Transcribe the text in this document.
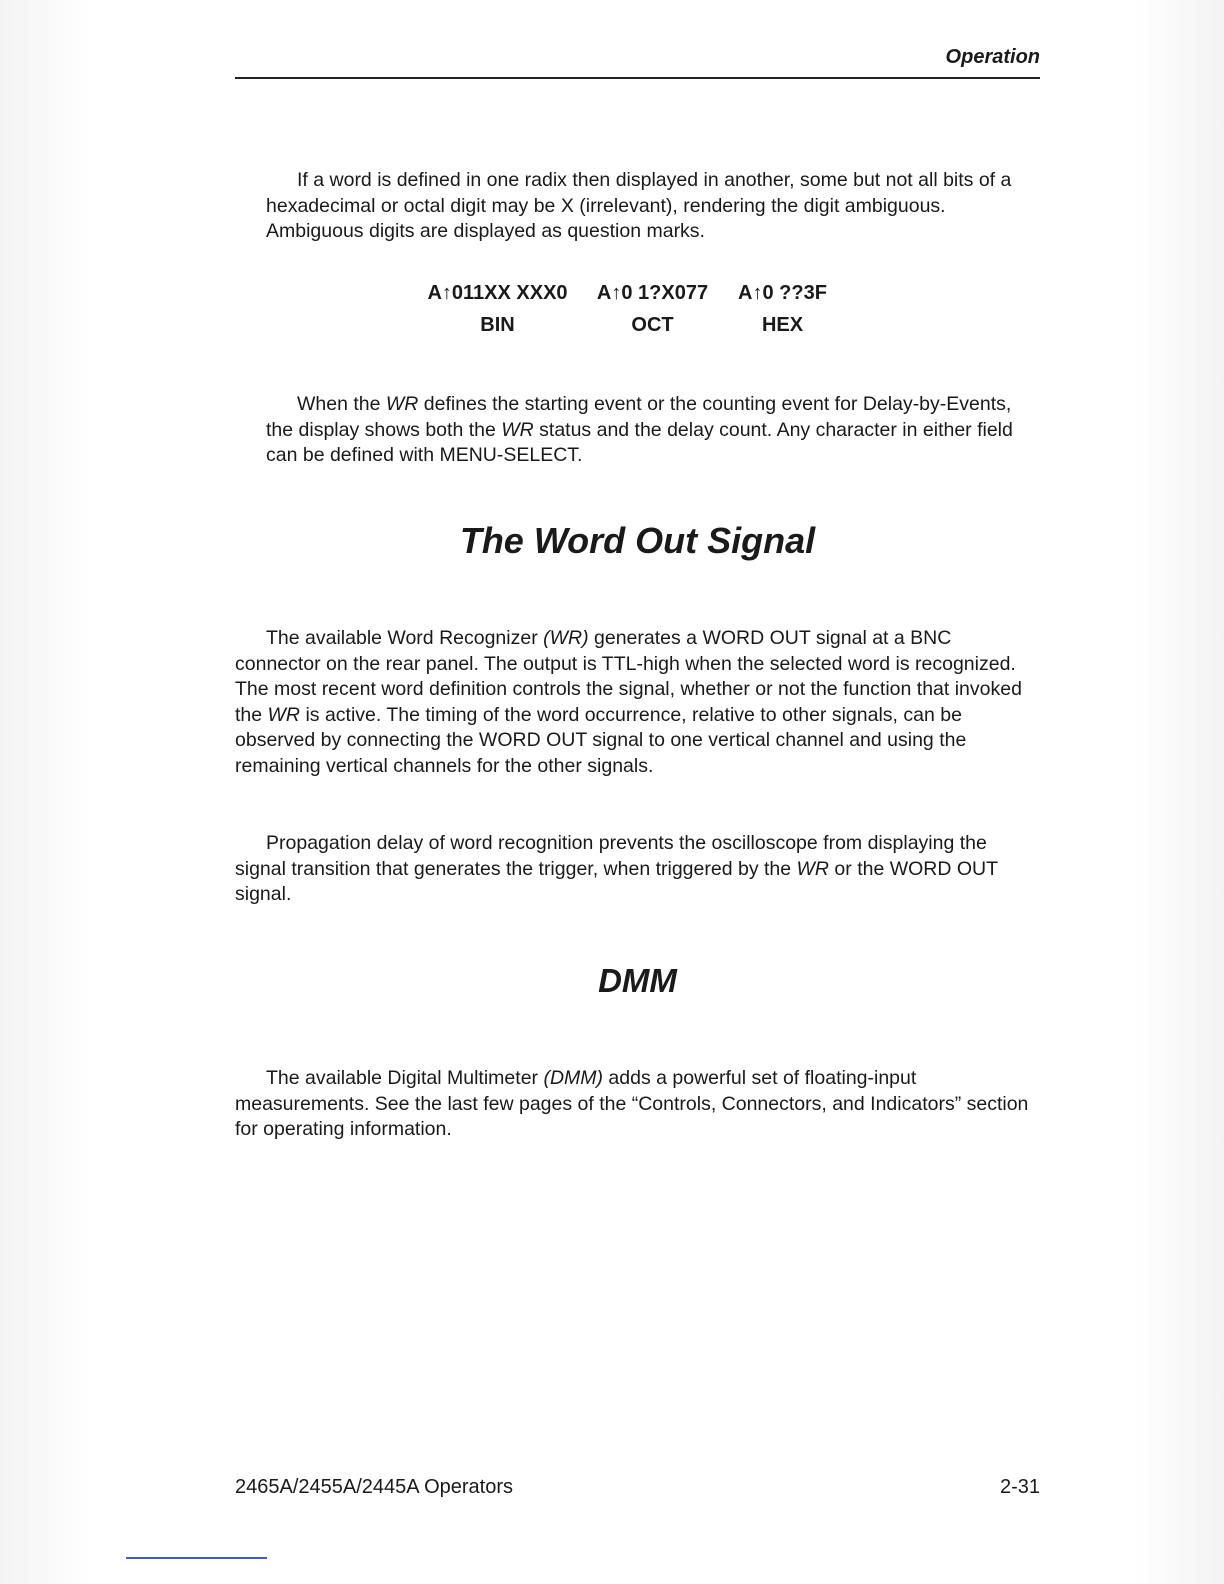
Operation

If a word is defined in one radix then displayed in another, some but not all bits of a hexadecimal or octal digit may be X (irrelevant), rendering the digit ambiguous. Ambiguous digits are displayed as question marks.

A↑011XX XXX0
BIN
A↑0 1?X077
OCT
A↑0 ??3F
HEX

When the WR defines the starting event or the counting event for Delay-by-Events, the display shows both the WR status and the delay count. Any character in either field can be defined with MENU-SELECT.

The Word Out Signal

The available Word Recognizer (WR) generates a WORD OUT signal at a BNC connector on the rear panel. The output is TTL-high when the selected word is recognized. The most recent word definition controls the signal, whether or not the function that invoked the WR is active. The timing of the word occurrence, relative to other signals, can be observed by connecting the WORD OUT signal to one vertical channel and using the remaining vertical channels for the other signals.

Propagation delay of word recognition prevents the oscilloscope from displaying the signal transition that generates the trigger, when triggered by the WR or the WORD OUT signal.

DMM

The available Digital Multimeter (DMM) adds a powerful set of floating-input measurements. See the last few pages of the “Controls, Connectors, and Indicators” section for operating information.

2465A/2455A/2445A Operators	2-31
